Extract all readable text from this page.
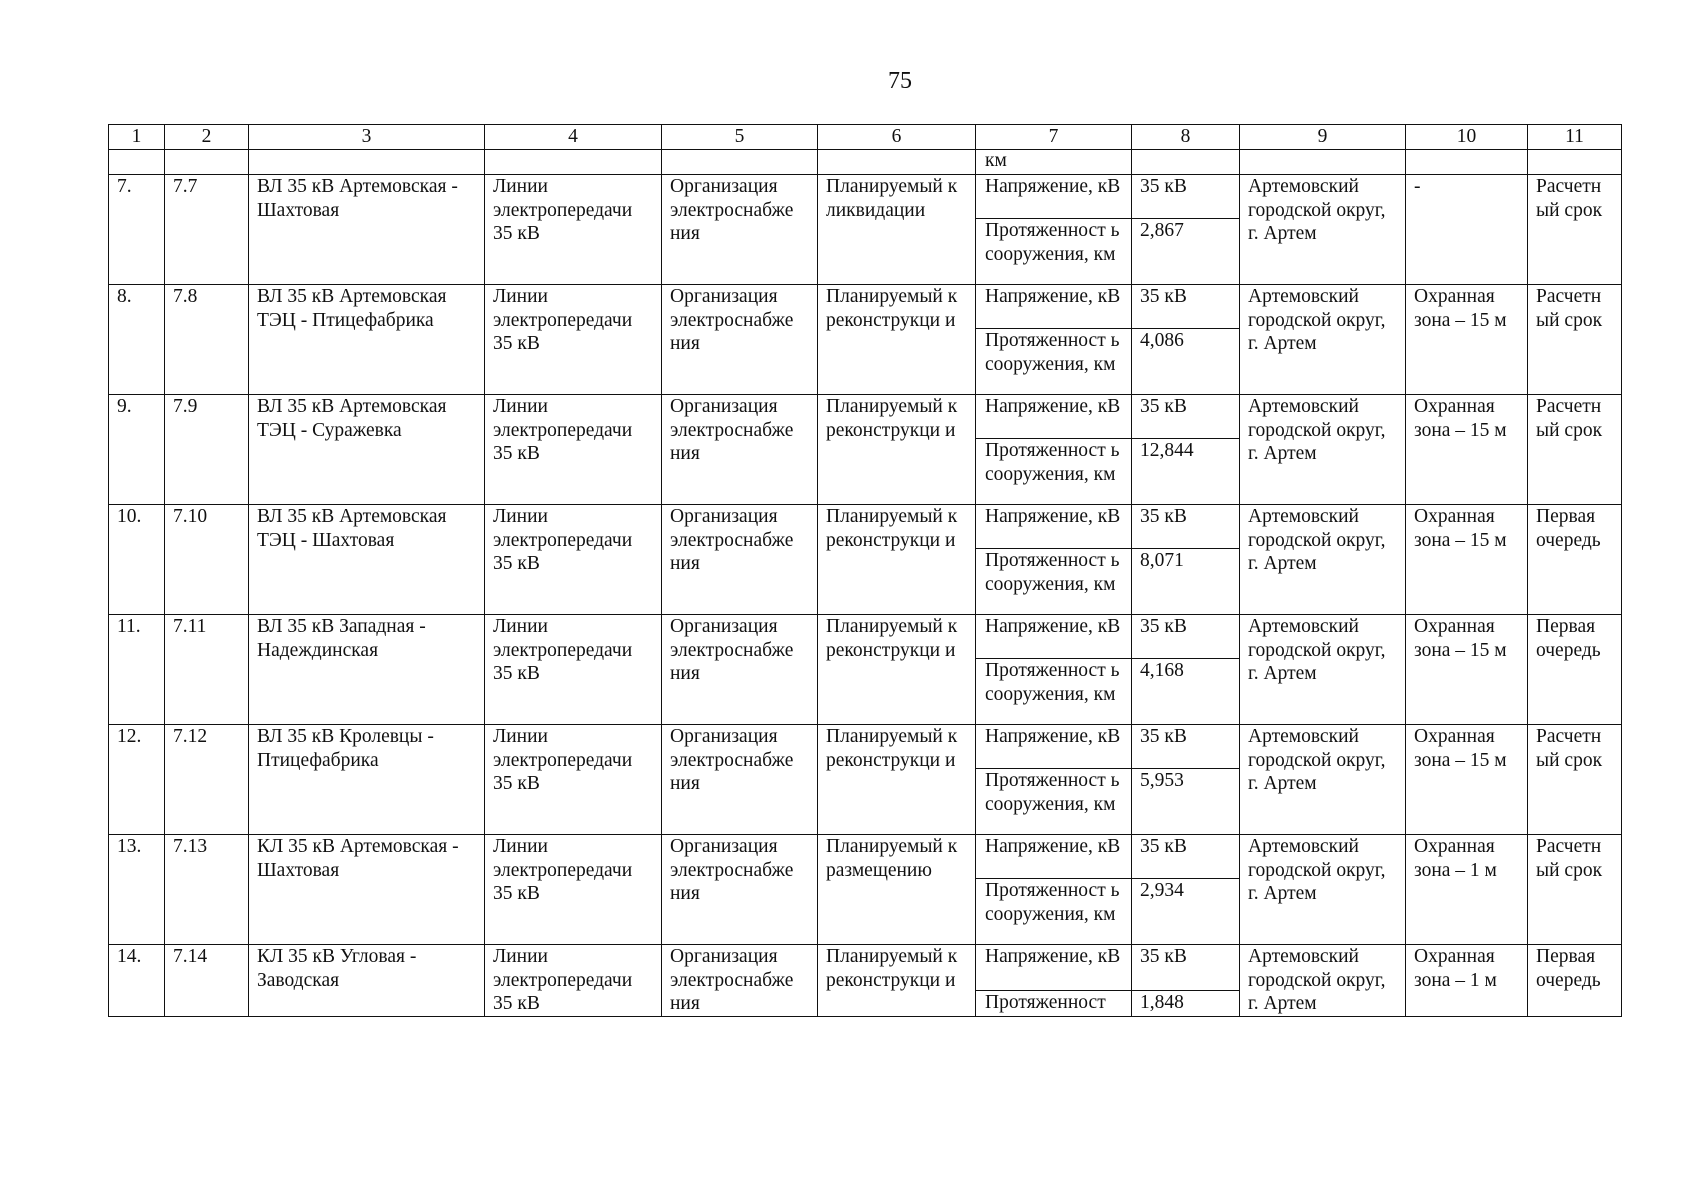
75
1	2	3	4	5	6	7	8	9	10	11
						км				
7.	7.7	ВЛ 35 кВ Артемовская - Шахтовая	Линии электропередачи 35 кВ	Организация электроснабже ния	Планируемый к ликвидации	Напряжение, кВ	35 кВ	Артемовский городской округ, г. Артем	-	Расчетн ый срок
						Протяженност ь сооружения, км	2,867			
8.	7.8	ВЛ 35 кВ Артемовская ТЭЦ - Птицефабрика	Линии электропередачи 35 кВ	Организация электроснабже ния	Планируемый к реконструкци и	Напряжение, кВ	35 кВ	Артемовский городской округ, г. Артем	Охранная зона – 15 м	Расчетн ый срок
						Протяженност ь сооружения, км	4,086			
9.	7.9	ВЛ 35 кВ Артемовская ТЭЦ - Суражевка	Линии электропередачи 35 кВ	Организация электроснабже ния	Планируемый к реконструкци и	Напряжение, кВ	35 кВ	Артемовский городской округ, г. Артем	Охранная зона – 15 м	Расчетн ый срок
						Протяженност ь сооружения, км	12,844			
10.	7.10	ВЛ 35 кВ Артемовская ТЭЦ - Шахтовая	Линии электропередачи 35 кВ	Организация электроснабже ния	Планируемый к реконструкци и	Напряжение, кВ	35 кВ	Артемовский городской округ, г. Артем	Охранная зона – 15 м	Первая очередь
						Протяженност ь сооружения, км	8,071			
11.	7.11	ВЛ 35 кВ Западная - Надеждинская	Линии электропередачи 35 кВ	Организация электроснабже ния	Планируемый к реконструкци и	Напряжение, кВ	35 кВ	Артемовский городской округ, г. Артем	Охранная зона – 15 м	Первая очередь
						Протяженност ь сооружения, км	4,168			
12.	7.12	ВЛ 35 кВ Кролевцы - Птицефабрика	Линии электропередачи 35 кВ	Организация электроснабже ния	Планируемый к реконструкци и	Напряжение, кВ	35 кВ	Артемовский городской округ, г. Артем	Охранная зона – 15 м	Расчетн ый срок
						Протяженност ь сооружения, км	5,953			
13.	7.13	КЛ 35 кВ Артемовская - Шахтовая	Линии электропередачи 35 кВ	Организация электроснабже ния	Планируемый к размещению	Напряжение, кВ	35 кВ	Артемовский городской округ, г. Артем	Охранная зона – 1 м	Расчетн ый срок
						Протяженност ь сооружения, км	2,934			
14.	7.14	КЛ 35 кВ Угловая - Заводская	Линии электропередачи 35 кВ	Организация электроснабже ния	Планируемый к реконструкци и	Напряжение, кВ	35 кВ	Артемовский городской округ, г. Артем	Охранная зона – 1 м	Первая очередь
						Протяженност	1,848			
